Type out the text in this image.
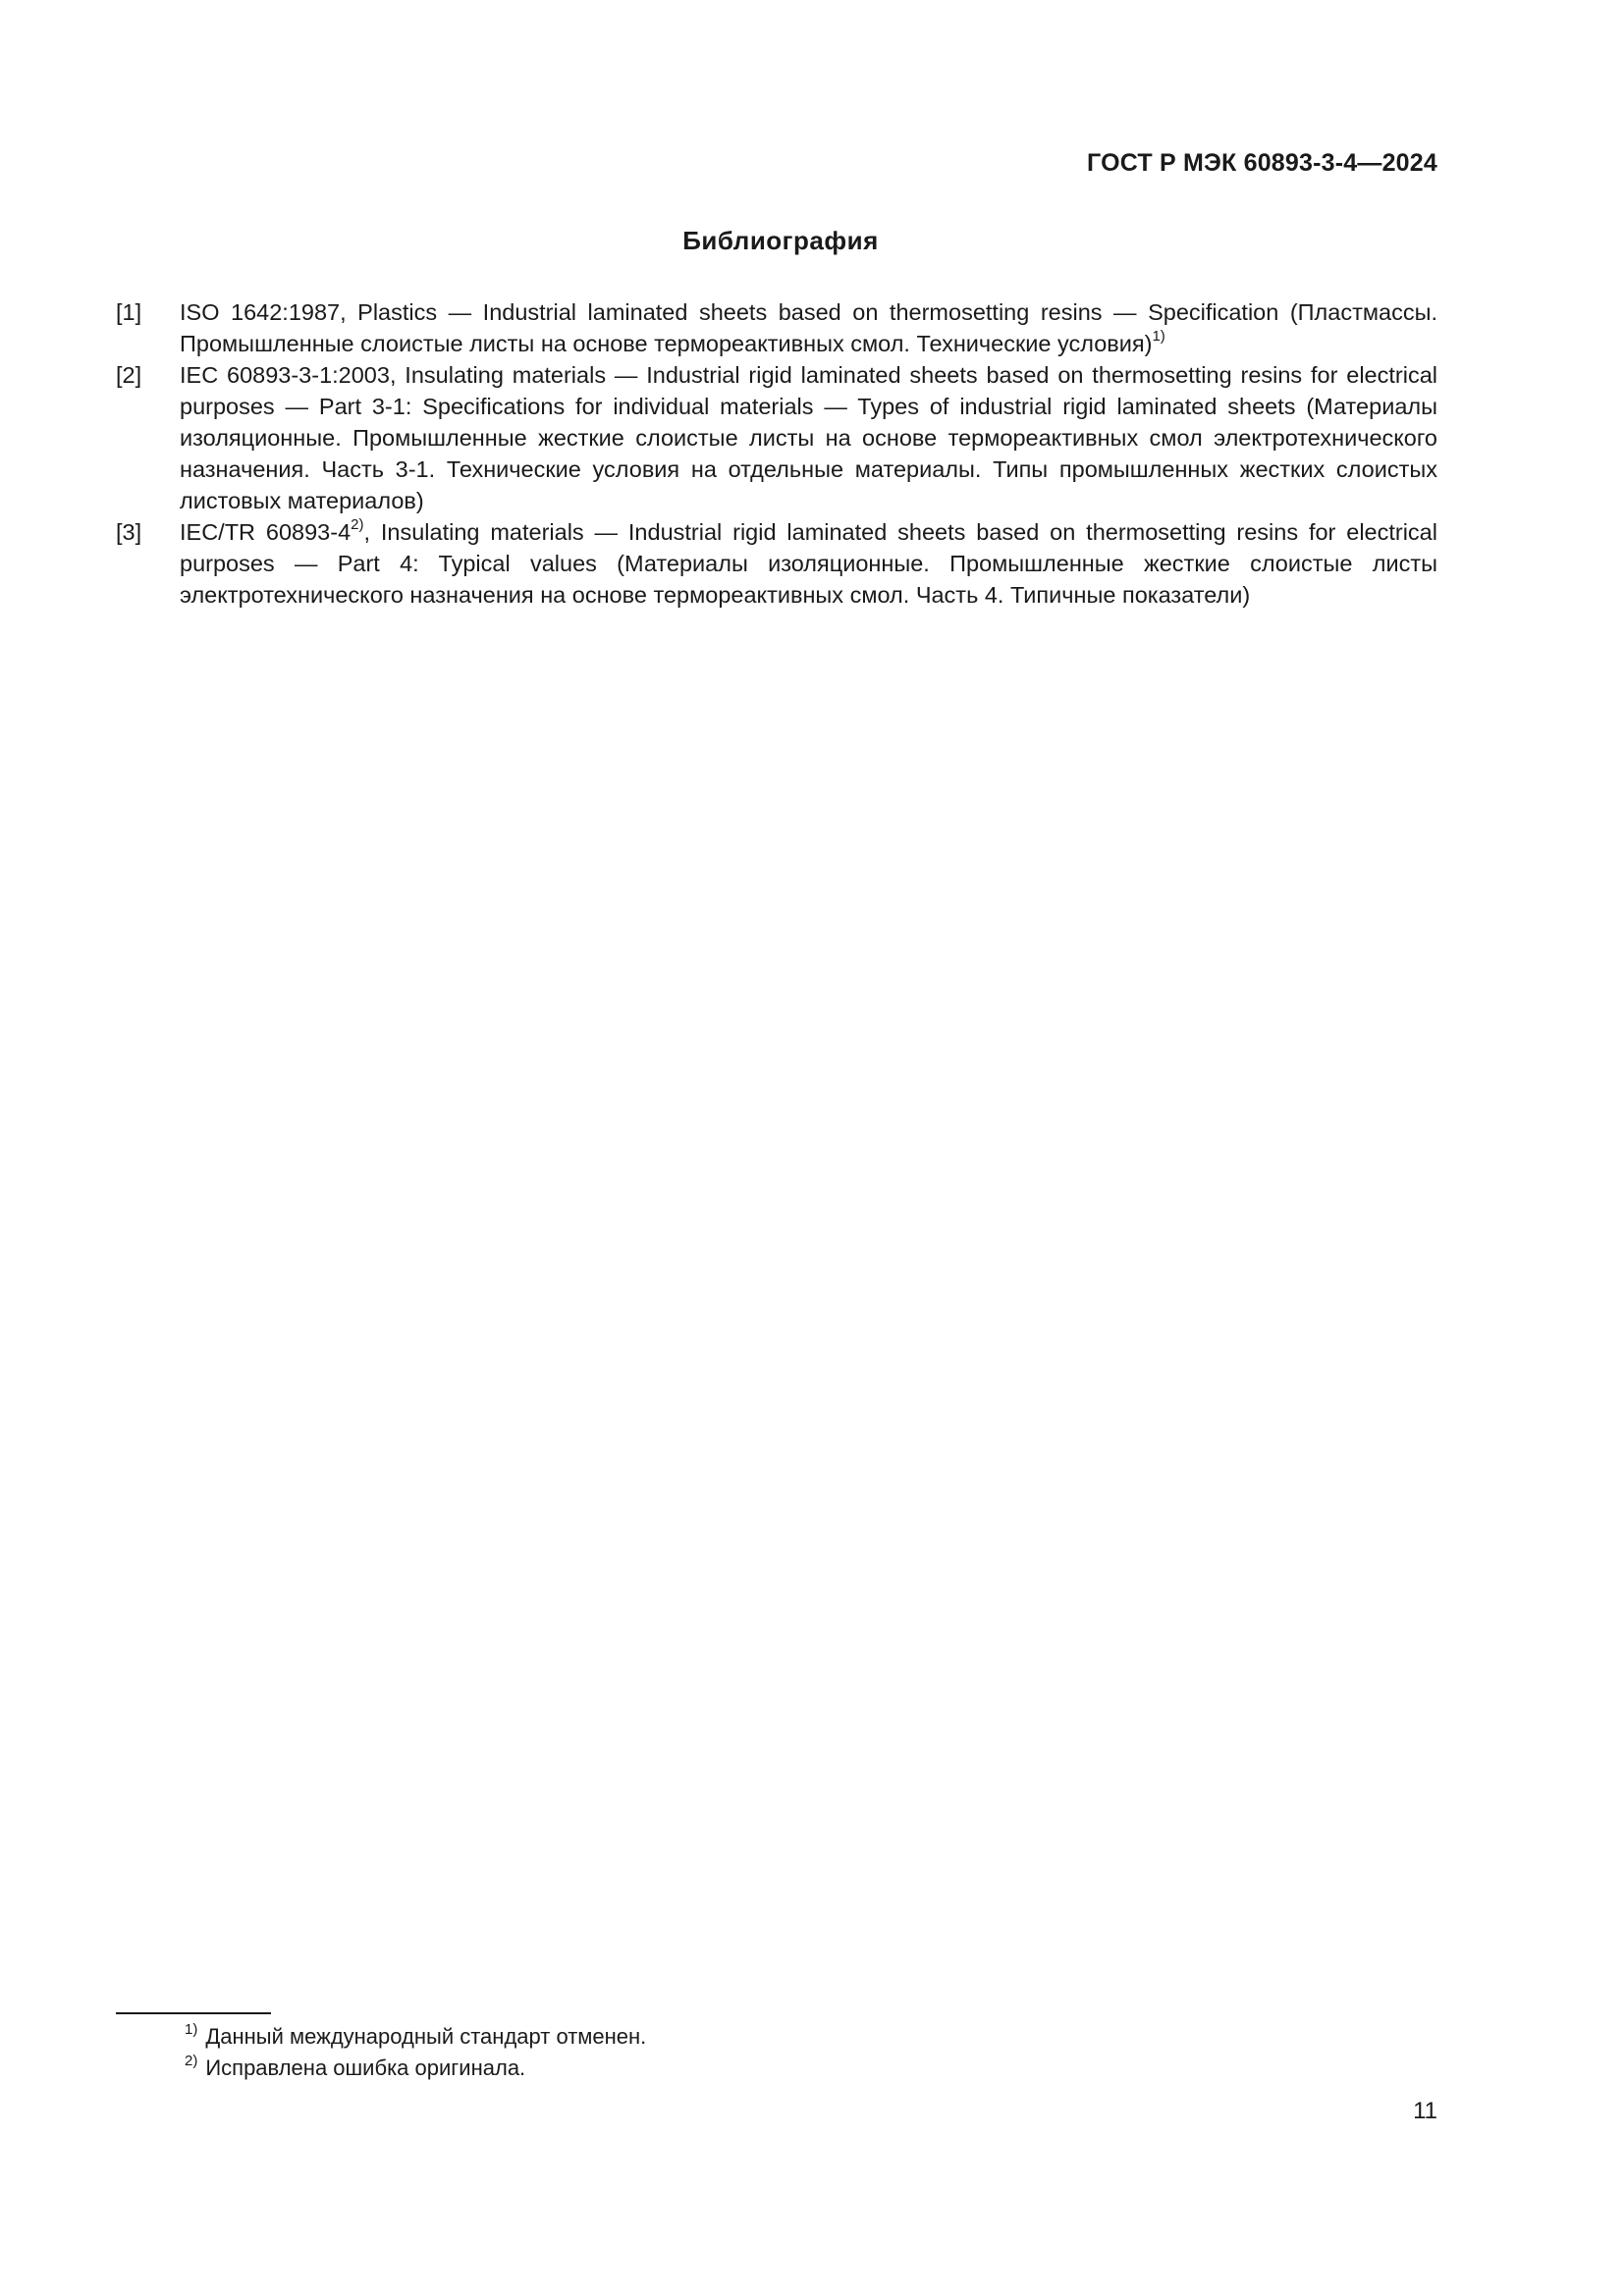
ГОСТ Р МЭК 60893-3-4—2024
Библиография
[1]	ISO 1642:1987, Plastics — Industrial laminated sheets based on thermosetting resins — Specification (Пластмассы. Промышленные слоистые листы на основе термореактивных смол. Технические условия)$^{1)}$
[2]	IEC 60893-3-1:2003, Insulating materials — Industrial rigid laminated sheets based on thermosetting resins for electrical purposes — Part 3-1: Specifications for individual materials — Types of industrial rigid laminated sheets (Материалы изоляционные. Промышленные жесткие слоистые листы на основе термореактивных смол электротехнического назначения. Часть 3-1. Технические условия на отдельные материалы. Типы промышленных жестких слоистых листовых материалов)
[3]	IEC/TR 60893-4$^{2)}$, Insulating materials — Industrial rigid laminated sheets based on thermosetting resins for electrical purposes — Part 4: Typical values (Материалы изоляционные. Промышленные жесткие слоистые листы электротехнического назначения на основе термореактивных смол. Часть 4. Типичные показатели)
$^{1)}$ Данный международный стандарт отменен.
$^{2)}$ Исправлена ошибка оригинала.
11
